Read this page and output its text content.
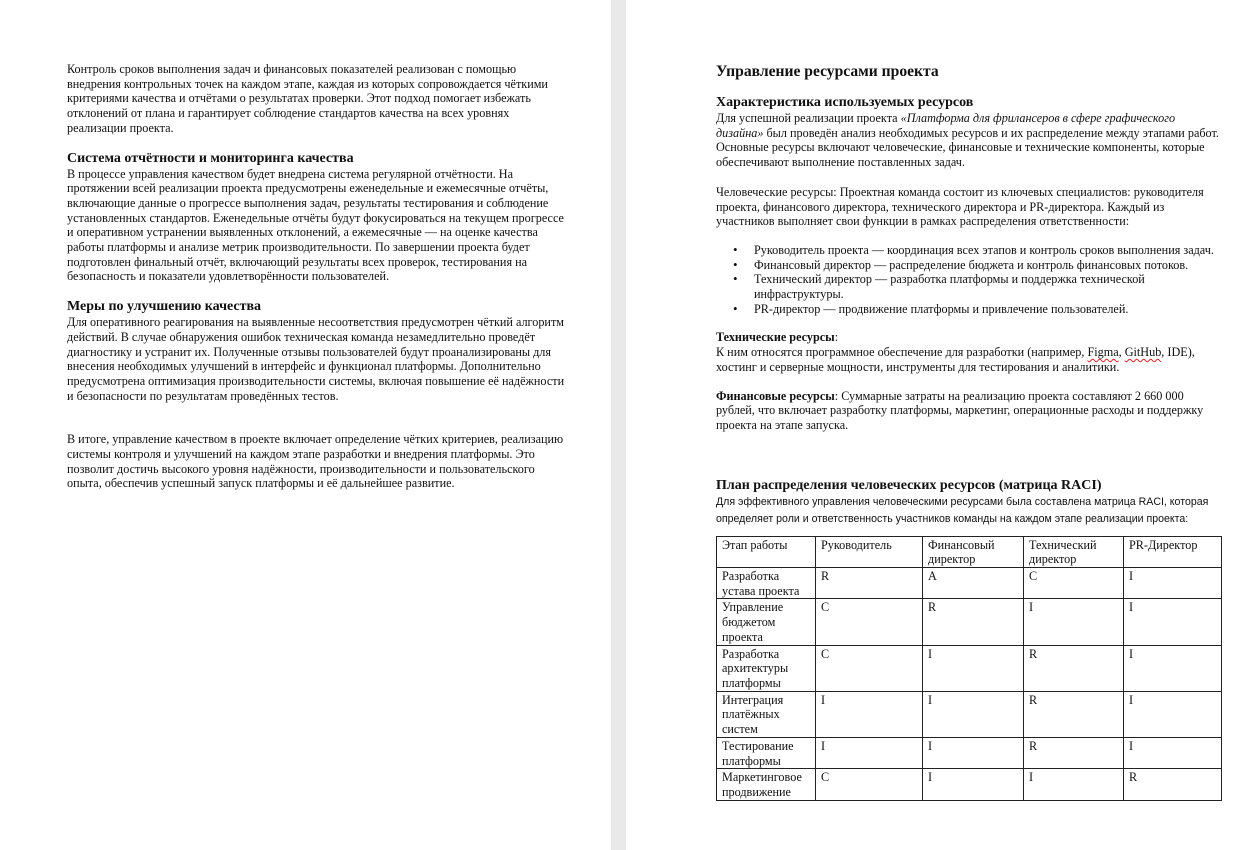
Контроль сроков выполнения задач и финансовых показателей реализован с помощью внедрения контрольных точек на каждом этапе, каждая из которых сопровождается чёткими критериями качества и отчётами о результатах проверки. Этот подход помогает избежать отклонений от плана и гарантирует соблюдение стандартов качества на всех уровнях реализации проекта.

Система отчётности и мониторинга качества

В процессе управления качеством будет внедрена система регулярной отчётности. На протяжении всей реализации проекта предусмотрены еженедельные и ежемесячные отчёты, включающие данные о прогрессе выполнения задач, результаты тестирования и соблюдение установленных стандартов. Еженедельные отчёты будут фокусироваться на текущем прогрессе и оперативном устранении выявленных отклонений, а ежемесячные — на оценке качества работы платформы и анализе метрик производительности. По завершении проекта будет подготовлен финальный отчёт, включающий результаты всех проверок, тестирования на безопасность и показатели удовлетворённости пользователей.

Меры по улучшению качества

Для оперативного реагирования на выявленные несоответствия предусмотрен чёткий алгоритм действий. В случае обнаружения ошибок техническая команда незамедлительно проведёт диагностику и устранит их. Полученные отзывы пользователей будут проанализированы для внесения необходимых улучшений в интерфейс и функционал платформы. Дополнительно предусмотрена оптимизация производительности системы, включая повышение её надёжности и безопасности по результатам проведённых тестов.

В итоге, управление качеством в проекте включает определение чётких критериев, реализацию системы контроля и улучшений на каждом этапе разработки и внедрения платформы. Это позволит достичь высокого уровня надёжности, производительности и пользовательского опыта, обеспечив успешный запуск платформы и её дальнейшее развитие.

Управление ресурсами проекта
Характеристика используемых ресурсов

Для успешной реализации проекта «Платформа для фрилансеров в сфере графического дизайна» был проведён анализ необходимых ресурсов и их распределение между этапами работ. Основные ресурсы включают человеческие, финансовые и технические компоненты, которые обеспечивают выполнение поставленных задач.

Человеческие ресурсы: Проектная команда состоит из ключевых специалистов: руководителя проекта, финансового директора, технического директора и PR-директора. Каждый из участников выполняет свои функции в рамках распределения ответственности:

• Руководитель проекта — координация всех этапов и контроль сроков выполнения задач.
• Финансовый директор — распределение бюджета и контроль финансовых потоков.
• Технический директор — разработка платформы и поддержка технической инфраструктуры.
• PR-директор — продвижение платформы и привлечение пользователей.

Технические ресурсы:
К ним относятся программное обеспечение для разработки (например, Figma, GitHub, IDE), хостинг и серверные мощности, инструменты для тестирования и аналитики.

Финансовые ресурсы: Суммарные затраты на реализацию проекта составляют 2 660 000 рублей, что включает разработку платформы, маркетинг, операционные расходы и поддержку проекта на этапе запуска.

План распределения человеческих ресурсов (матрица RACI)
Для эффективного управления человеческими ресурсами была составлена матрица RACI, которая определяет роли и ответственность участников команды на каждом этапе реализации проекта:
Этап работы	Руководитель	Финансовый директор	Технический директор	PR-Директор
Разработка устава проекта	R	A	C	I
Управление бюджетом проекта	C	R	I	I
Разработка архитектуры платформы	C	I	R	I
Интеграция платёжных систем	I	I	R	I
Тестирование платформы	I	I	R	I
Маркетинговое продвижение	C	I	I	R
